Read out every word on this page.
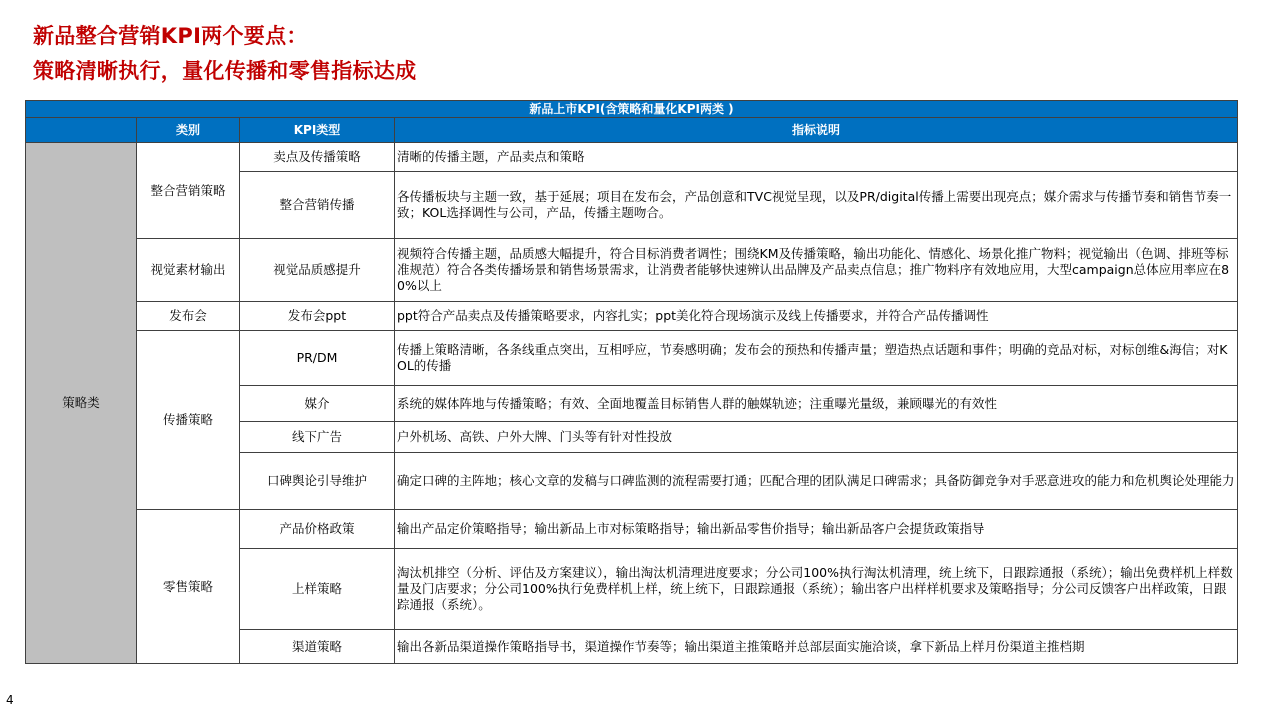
新品整合营销KPI两个要点：
策略清晰执行，量化传播和零售指标达成
新品上市KPI(含策略和量化KPI两类 )			
	类别	KPI类型	指标说明
策略类	整合营销策略	卖点及传播策略	清晰的传播主题，产品卖点和策略
		整合营销传播	各传播板块与主题一致，基于延展；项目在发布会，产品创意和TVC视觉呈现，以及PR/digital传播上需要出现亮点；媒介需求与传播节奏和销售节奏一致；KOL选择调性与公司，产品，传播主题吻合。
	视觉素材输出	视觉品质感提升	视频符合传播主题，品质感大幅提升，符合目标消费者调性；围绕KM及传播策略，输出功能化、情感化、场景化推广物料；视觉输出（色调、排班等标准规范）符合各类传播场景和销售场景需求，让消费者能够快速辨认出品牌及产品卖点信息；推广物料序有效地应用，大型campaign总体应用率应在80%以上
	发布会	发布会ppt	ppt符合产品卖点及传播策略要求，内容扎实；ppt美化符合现场演示及线上传播要求，并符合产品传播调性
	传播策略	PR/DM	传播上策略清晰，各条线重点突出，互相呼应，节奏感明确；发布会的预热和传播声量；塑造热点话题和事件；明确的竞品对标，对标创维&海信；对KOL的传播
		媒介	系统的媒体阵地与传播策略；有效、全面地覆盖目标销售人群的触媒轨迹；注重曝光量级，兼顾曝光的有效性
		线下广告	户外机场、高铁、户外大牌、门头等有针对性投放
		口碑舆论引导维护	确定口碑的主阵地；核心文章的发稿与口碑监测的流程需要打通；匹配合理的团队满足口碑需求；具备防御竞争对手恶意进攻的能力和危机舆论处理能力
	零售策略	产品价格政策	输出产品定价策略指导；输出新品上市对标策略指导；输出新品零售价指导；输出新品客户会提货政策指导
		上样策略	淘汰机排空（分析、评估及方案建议），输出淘汰机清理进度要求；分公司100%执行淘汰机清理，统上统下，日跟踪通报（系统）；输出免费样机上样数量及门店要求；分公司100%执行免费样机上样，统上统下，日跟踪通报（系统）；输出客户出样样机要求及策略指导；分公司反馈客户出样政策，日跟踪通报（系统）。
		渠道策略	输出各新品渠道操作策略指导书，渠道操作节奏等；输出渠道主推策略并总部层面实施洽谈，拿下新品上样月份渠道主推档期
4
